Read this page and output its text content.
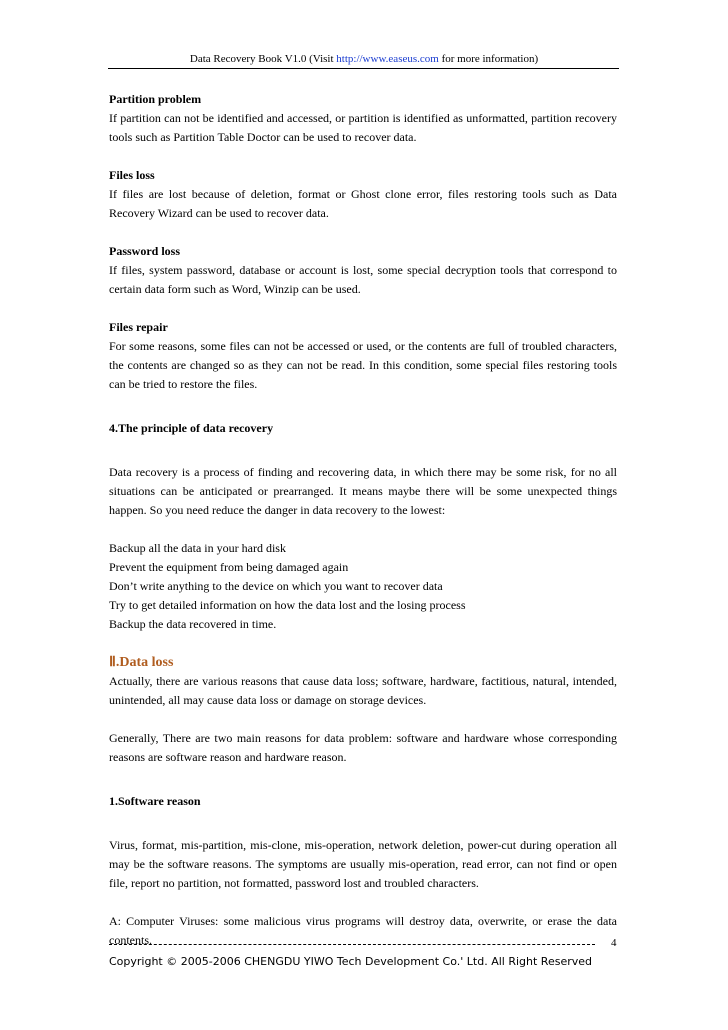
Data Recovery Book V1.0 (Visit http://www.easeus.com for more information)

Partition problem

If partition can not be identified and accessed, or partition is identified as unformatted, partition recovery tools such as Partition Table Doctor can be used to recover data.

Files loss

If files are lost because of deletion, format or Ghost clone error, files restoring tools such as Data Recovery Wizard can be used to recover data.

Password loss

If files, system password, database or account is lost, some special decryption tools that correspond to certain data form such as Word, Winzip can be used.

Files repair

For some reasons, some files can not be accessed or used, or the contents are full of troubled characters, the contents are changed so as they can not be read. In this condition, some special files restoring tools can be tried to restore the files.

4.The principle of data recovery

Data recovery is a process of finding and recovering data, in which there may be some risk, for no all situations can be anticipated or prearranged. It means maybe there will be some unexpected things happen. So you need reduce the danger in data recovery to the lowest:

Backup all the data in your hard disk
Prevent the equipment from being damaged again
Don’t write anything to the device on which you want to recover data
Try to get detailed information on how the data lost and the losing process
Backup the data recovered in time.

Ⅱ.Data loss

Actually, there are various reasons that cause data loss; software, hardware, factitious, natural, intended, unintended, all may cause data loss or damage on storage devices.

Generally, There are two main reasons for data problem: software and hardware whose corresponding reasons are software reason and hardware reason.

1.Software reason

Virus, format, mis-partition, mis-clone, mis-operation, network deletion, power-cut during operation all may be the software reasons. The symptoms are usually mis-operation, read error, can not find or open file, report no partition, not formatted, password lost and troubled characters.

A: Computer Viruses: some malicious virus programs will destroy data, overwrite, or erase the data contents.	4
Copyright © 2005-2006 CHENGDU YIWO Tech Development Co.' Ltd. All Right Reserved
